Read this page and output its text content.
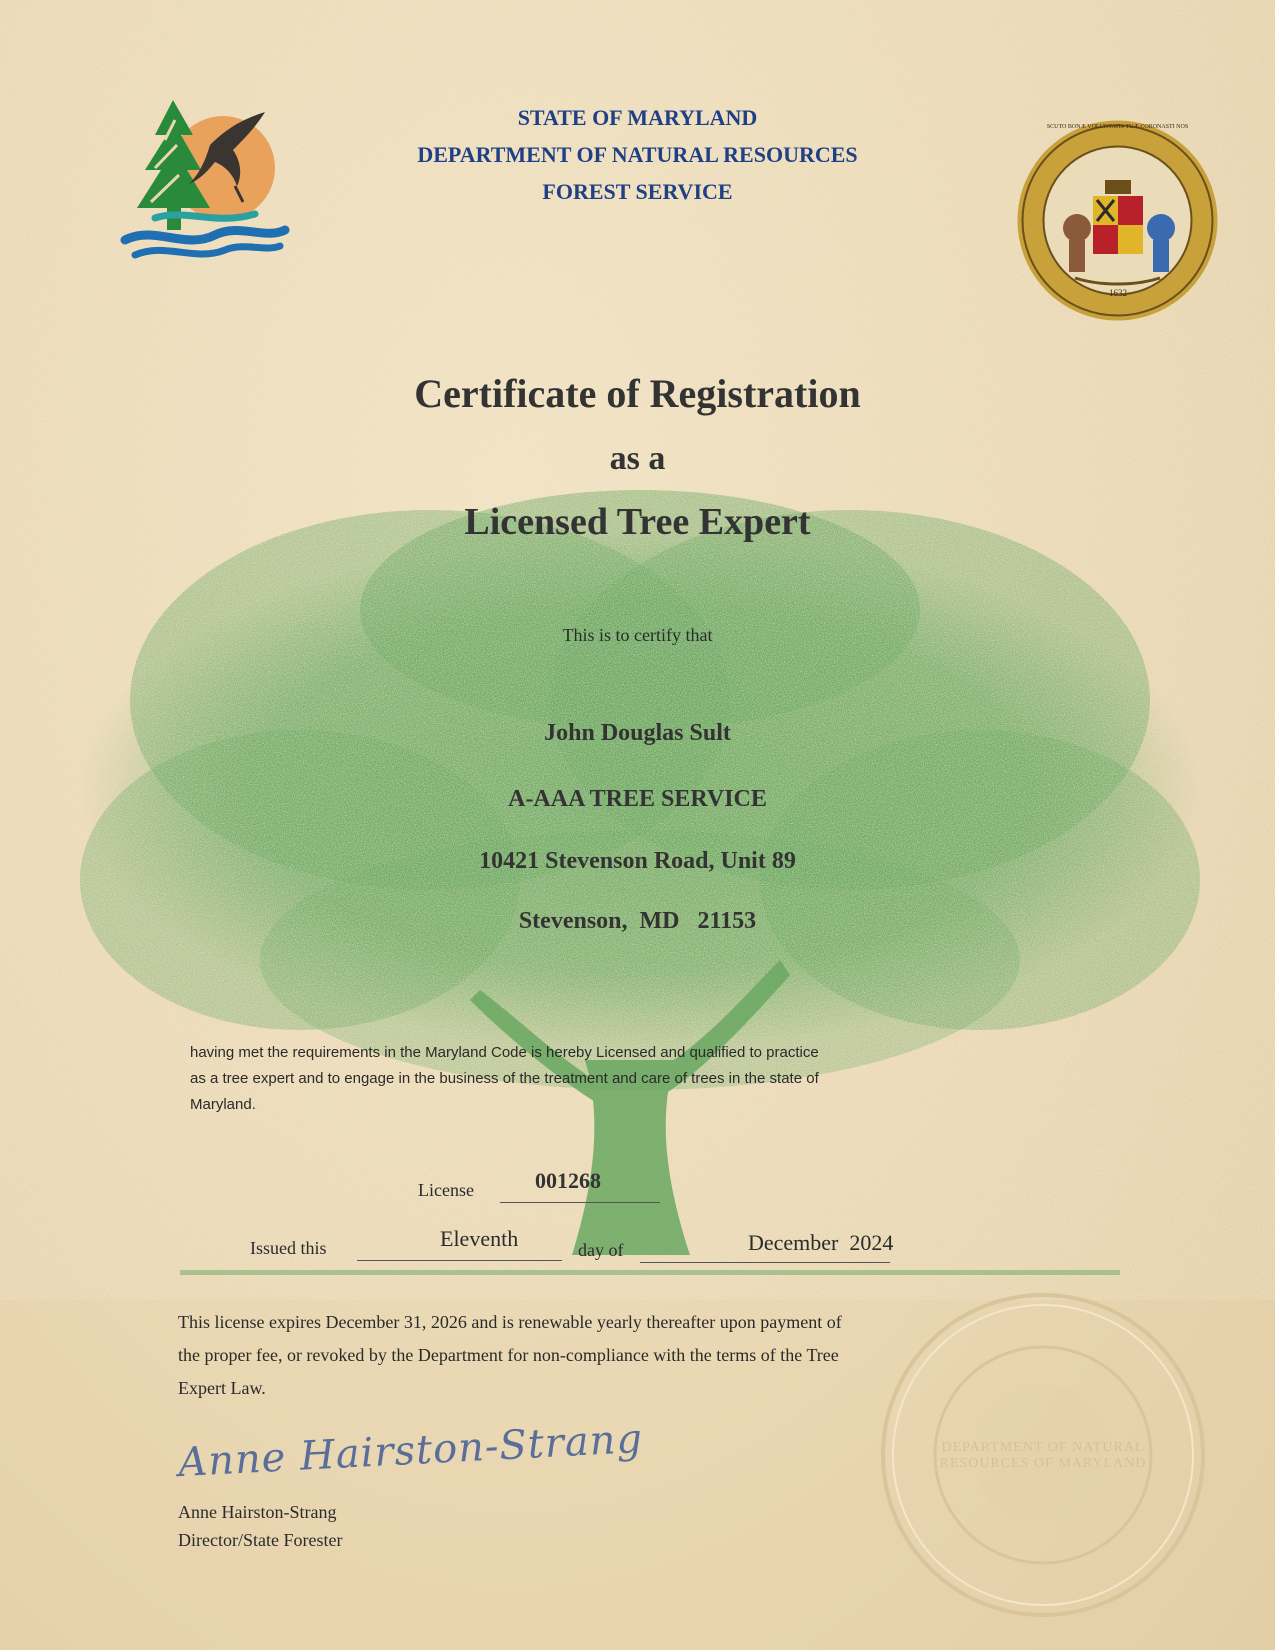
STATE OF MARYLAND
DEPARTMENT OF NATURAL RESOURCES
FOREST SERVICE
1632
SCUTO BONÆ VOLUNTATIS TUÆ CORONASTI NOS
Certificate of Registration
as a
Licensed Tree Expert
This is to certify that
John Douglas Sult
A-AAA TREE SERVICE
10421 Stevenson Road, Unit 89
Stevenson,  MD   21153
having met the requirements in the Maryland Code is hereby Licensed and qualified to practice
as a tree expert and to engage in the business of the treatment and care of trees in the state of
Maryland.
License	001268
Issued this	Eleventh	day of	December  2024
This license expires December 31, 2026 and is renewable yearly thereafter upon payment of
the proper fee, or revoked by the Department for non-compliance with the terms of the Tree
Expert Law.
DEPARTMENT OF NATURAL RESOURCES OF MARYLAND
Anne Hairston-Strang
Anne Hairston-Strang
Director/State Forester
